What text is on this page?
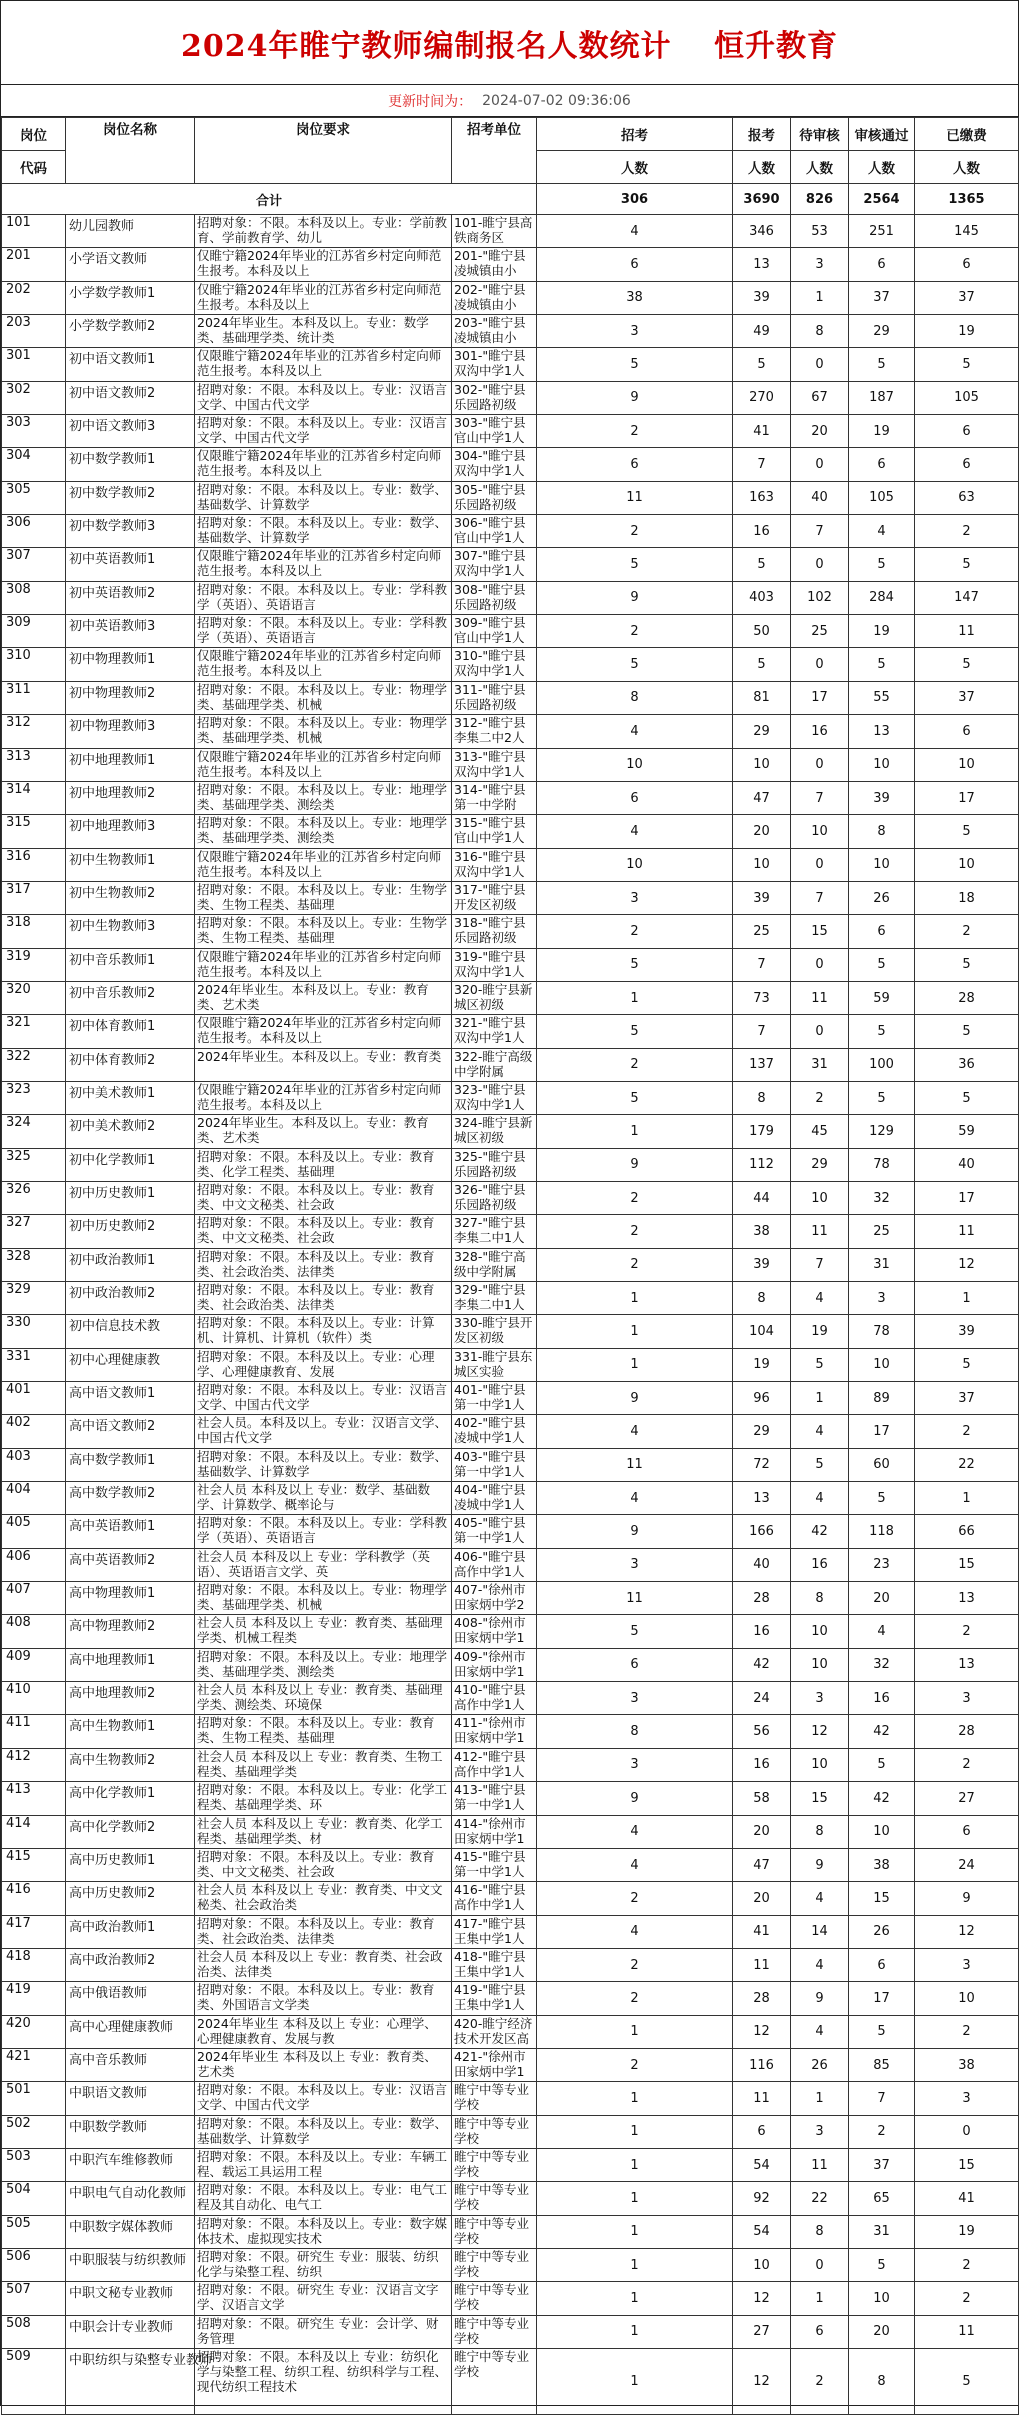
2024年睢宁教师编制报名人数统计　 恒升教育
更新时间为： 2024-07-02 09:36:06
岗位	岗位名称	岗位要求	招考单位	招考	报考	待审核	审核通过	已缴费
代码				人数	人数	人数	人数	人数
合计				306	3690	826	2564	1365
101	幼儿园教师	招聘对象：不限。本科及以上。专业：学前教育、学前教育学、幼儿	101-睢宁县高铁商务区	4	346	53	251	145
201	小学语文教师	仅睢宁籍2024年毕业的江苏省乡村定向师范生报考。本科及以上	201-"睢宁县凌城镇由小	6	13	3	6	6
202	小学数学教师1	仅睢宁籍2024年毕业的江苏省乡村定向师范生报考。本科及以上	202-"睢宁县凌城镇由小	38	39	1	37	37
203	小学数学教师2	2024年毕业生。本科及以上。专业：数学类、基础理学类、统计类	203-"睢宁县凌城镇由小	3	49	8	29	19
301	初中语文教师1	仅限睢宁籍2024年毕业的江苏省乡村定向师范生报考。本科及以上	301-"睢宁县双沟中学1人	5	5	0	5	5
302	初中语文教师2	招聘对象：不限。本科及以上。专业：汉语言文学、中国古代文学	302-"睢宁县乐园路初级	9	270	67	187	105
303	初中语文教师3	招聘对象：不限。本科及以上。专业：汉语言文学、中国古代文学	303-"睢宁县官山中学1人	2	41	20	19	6
304	初中数学教师1	仅限睢宁籍2024年毕业的江苏省乡村定向师范生报考。本科及以上	304-"睢宁县双沟中学1人	6	7	0	6	6
305	初中数学教师2	招聘对象：不限。本科及以上。专业：数学、基础数学、计算数学	305-"睢宁县乐园路初级	11	163	40	105	63
306	初中数学教师3	招聘对象：不限。本科及以上。专业：数学、基础数学、计算数学	306-"睢宁县官山中学1人	2	16	7	4	2
307	初中英语教师1	仅限睢宁籍2024年毕业的江苏省乡村定向师范生报考。本科及以上	307-"睢宁县双沟中学1人	5	5	0	5	5
308	初中英语教师2	招聘对象：不限。本科及以上。专业：学科教学（英语）、英语语言	308-"睢宁县乐园路初级	9	403	102	284	147
309	初中英语教师3	招聘对象：不限。本科及以上。专业：学科教学（英语）、英语语言	309-"睢宁县官山中学1人	2	50	25	19	11
310	初中物理教师1	仅限睢宁籍2024年毕业的江苏省乡村定向师范生报考。本科及以上	310-"睢宁县双沟中学1人	5	5	0	5	5
311	初中物理教师2	招聘对象：不限。本科及以上。专业：物理学类、基础理学类、机械	311-"睢宁县乐园路初级	8	81	17	55	37
312	初中物理教师3	招聘对象：不限。本科及以上。专业：物理学类、基础理学类、机械	312-"睢宁县李集二中2人	4	29	16	13	6
313	初中地理教师1	仅限睢宁籍2024年毕业的江苏省乡村定向师范生报考。本科及以上	313-"睢宁县双沟中学1人	10	10	0	10	10
314	初中地理教师2	招聘对象：不限。本科及以上。专业：地理学类、基础理学类、测绘类	314-"睢宁县第一中学附	6	47	7	39	17
315	初中地理教师3	招聘对象：不限。本科及以上。专业：地理学类、基础理学类、测绘类	315-"睢宁县官山中学1人	4	20	10	8	5
316	初中生物教师1	仅限睢宁籍2024年毕业的江苏省乡村定向师范生报考。本科及以上	316-"睢宁县双沟中学1人	10	10	0	10	10
317	初中生物教师2	招聘对象：不限。本科及以上。专业：生物学类、生物工程类、基础理	317-"睢宁县开发区初级	3	39	7	26	18
318	初中生物教师3	招聘对象：不限。本科及以上。专业：生物学类、生物工程类、基础理	318-"睢宁县乐园路初级	2	25	15	6	2
319	初中音乐教师1	仅限睢宁籍2024年毕业的江苏省乡村定向师范生报考。本科及以上	319-"睢宁县双沟中学1人	5	7	0	5	5
320	初中音乐教师2	2024年毕业生。本科及以上。专业：教育类、艺术类	320-睢宁县新城区初级	1	73	11	59	28
321	初中体育教师1	仅限睢宁籍2024年毕业的江苏省乡村定向师范生报考。本科及以上	321-"睢宁县双沟中学1人	5	7	0	5	5
322	初中体育教师2	2024年毕业生。本科及以上。专业：教育类	322-睢宁高级中学附属	2	137	31	100	36
323	初中美术教师1	仅限睢宁籍2024年毕业的江苏省乡村定向师范生报考。本科及以上	323-"睢宁县双沟中学1人	5	8	2	5	5
324	初中美术教师2	2024年毕业生。本科及以上。专业：教育类、艺术类	324-睢宁县新城区初级	1	179	45	129	59
325	初中化学教师1	招聘对象：不限。本科及以上。专业：教育类、化学工程类、基础理	325-"睢宁县乐园路初级	9	112	29	78	40
326	初中历史教师1	招聘对象：不限。本科及以上。专业：教育类、中文文秘类、社会政	326-"睢宁县乐园路初级	2	44	10	32	17
327	初中历史教师2	招聘对象：不限。本科及以上。专业：教育类、中文文秘类、社会政	327-"睢宁县李集二中1人	2	38	11	25	11
328	初中政治教师1	招聘对象：不限。本科及以上。专业：教育类、社会政治类、法律类	328-"睢宁高级中学附属	2	39	7	31	12
329	初中政治教师2	招聘对象：不限。本科及以上。专业：教育类、社会政治类、法律类	329-"睢宁县李集二中1人	1	8	4	3	1
330	初中信息技术教	招聘对象：不限。本科及以上。专业：计算机、计算机、计算机（软件）类	330-睢宁县开发区初级	1	104	19	78	39
331	初中心理健康教	招聘对象：不限。本科及以上。专业：心理学、心理健康教育、发展	331-睢宁县东城区实验	1	19	5	10	5
401	高中语文教师1	招聘对象：不限。本科及以上。专业：汉语言文学、中国古代文学	401-"睢宁县第一中学1人	9	96	1	89	37
402	高中语文教师2	社会人员。本科及以上。专业：汉语言文学、中国古代文学	402-"睢宁县凌城中学1人	4	29	4	17	2
403	高中数学教师1	招聘对象：不限。本科及以上。专业：数学、基础数学、计算数学	403-"睢宁县第一中学1人	11	72	5	60	22
404	高中数学教师2	社会人员 本科及以上 专业：数学、基础数学、计算数学、概率论与	404-"睢宁县凌城中学1人	4	13	4	5	1
405	高中英语教师1	招聘对象：不限。本科及以上。专业：学科教学（英语）、英语语言	405-"睢宁县第一中学1人	9	166	42	118	66
406	高中英语教师2	社会人员 本科及以上 专业：学科教学（英语）、英语语言文学、英	406-"睢宁县高作中学1人	3	40	16	23	15
407	高中物理教师1	招聘对象：不限。本科及以上。专业：物理学类、基础理学类、机械	407-"徐州市田家炳中学2	11	28	8	20	13
408	高中物理教师2	社会人员 本科及以上 专业：教育类、基础理学类、机械工程类	408-"徐州市田家炳中学1	5	16	10	4	2
409	高中地理教师1	招聘对象：不限。本科及以上。专业：地理学类、基础理学类、测绘类	409-"徐州市田家炳中学1	6	42	10	32	13
410	高中地理教师2	社会人员 本科及以上 专业：教育类、基础理学类、测绘类、环境保	410-"睢宁县高作中学1人	3	24	3	16	3
411	高中生物教师1	招聘对象：不限。本科及以上。专业：教育类、生物工程类、基础理	411-"徐州市田家炳中学1	8	56	12	42	28
412	高中生物教师2	社会人员 本科及以上 专业：教育类、生物工程类、基础理学类	412-"睢宁县高作中学1人	3	16	10	5	2
413	高中化学教师1	招聘对象：不限。本科及以上。专业：化学工程类、基础理学类、环	413-"睢宁县第一中学1人	9	58	15	42	27
414	高中化学教师2	社会人员 本科及以上 专业：教育类、化学工程类、基础理学类、材	414-"徐州市田家炳中学1	4	20	8	10	6
415	高中历史教师1	招聘对象：不限。本科及以上。专业：教育类、中文文秘类、社会政	415-"睢宁县第一中学1人	4	47	9	38	24
416	高中历史教师2	社会人员 本科及以上 专业：教育类、中文文秘类、社会政治类	416-"睢宁县高作中学1人	2	20	4	15	9
417	高中政治教师1	招聘对象：不限。本科及以上。专业：教育类、社会政治类、法律类	417-"睢宁县王集中学1人	4	41	14	26	12
418	高中政治教师2	社会人员 本科及以上 专业：教育类、社会政治类、法律类	418-"睢宁县王集中学1人	2	11	4	6	3
419	高中俄语教师	招聘对象：不限。本科及以上。专业：教育类、外国语言文学类	419-"睢宁县王集中学1人	2	28	9	17	10
420	高中心理健康教师	2024年毕业生 本科及以上 专业：心理学、心理健康教育、发展与教	420-睢宁经济技术开发区高	1	12	4	5	2
421	高中音乐教师	2024年毕业生 本科及以上 专业：教育类、艺术类	421-"徐州市田家炳中学1	2	116	26	85	38
501	中职语文教师	招聘对象：不限。本科及以上。专业：汉语言文学、中国古代文学	睢宁中等专业学校	1	11	1	7	3
502	中职数学教师	招聘对象：不限。本科及以上。专业：数学、基础数学、计算数学	睢宁中等专业学校	1	6	3	2	0
503	中职汽车维修教师	招聘对象：不限。本科及以上。专业：车辆工程、载运工具运用工程	睢宁中等专业学校	1	54	11	37	15
504	中职电气自动化教师	招聘对象：不限。本科及以上。专业：电气工程及其自动化、电气工	睢宁中等专业学校	1	92	22	65	41
505	中职数字媒体教师	招聘对象：不限。本科及以上。专业：数字媒体技术、虚拟现实技术	睢宁中等专业学校	1	54	8	31	19
506	中职服装与纺织教师	招聘对象：不限。研究生 专业：服装、纺织化学与染整工程、纺织	睢宁中等专业学校	1	10	0	5	2
507	中职文秘专业教师	招聘对象：不限。研究生 专业：汉语言文字学、汉语言文学	睢宁中等专业学校	1	12	1	10	2
508	中职会计专业教师	招聘对象：不限。研究生 专业：会计学、财务管理	睢宁中等专业学校	1	27	6	20	11
509	中职纺织与染整专业教师	招聘对象：不限。本科及以上 专业：纺织化学与染整工程、纺织工程、纺织科学与工程、现代纺织工程技术	睢宁中等专业学校	1	12	2	8	5
